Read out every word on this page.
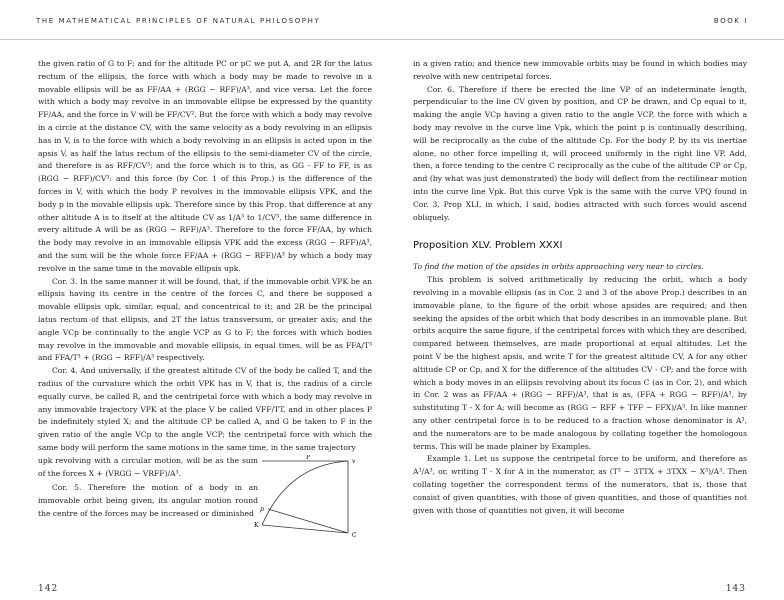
THE MATHEMATICAL PRINCIPLES OF NATURAL PHILOSOPHY	BOOK I

the given ratio of G to F; and for the altitude PC or pC we put A, and 2R for the latus rectum of the ellipsis, the force with which a body may be made to revolve in a movable ellipsis will be as FF/AA + (RGG − RFF)/A³, and vice versa. Let the force with which a body may revolve in an immovable ellipse be expressed by the quantity FF/AA, and the force in V will be FF/CV². But the force with which a body may revolve in a circle at the distance CV, with the same velocity as a body revolving in an ellipsis has in V, is to the force with which a body revolving in an ellipsis is acted upon in the apsis V, as half the latus rectum of the ellipsis to the semi-diameter CV of the circle, and therefore is as RFF/CV³; and the force which is to this, as GG - FF to FF, is as (RGG − RFF)/CV³: and this force (by Cor. 1 of this Prop.) is the difference of the forces in V, with which the body P revolves in the immovable ellipsis VPK, and the body p in the movable ellipsis upk. Therefore since by this Prop. that difference at any other altitude A is to itself at the altitude CV as 1/A³ to 1/CV³, the same difference in every altitude A will be as (RGG − RFF)/A³. Therefore to the force FF/AA, by which the body may revolve in an immovable ellipsis VPK add the excess (RGG − RFF)/A³, and the sum will be the whole force FF/AA + (RGG − RFF)/A³ by which a body may revolve in the same time in the movable ellipsis upk.

Cor. 3. In the same manner it will be found, that, if the immovable orbit VPK be an ellipsis having its centre in the centre of the forces C, and there be supposed a movable ellipsis upk, similar, equal, and concentrical to it; and 2R be the principal latus rectum of that ellipsis, and 2T the latus transversum, or greater axis; and the angle VCp be continually to the angle VCP as G to F; the forces with which bodies may revolve in the immovable and movable ellipsis, in equal times, will be as FFA/T³ and FFA/T³ + (RGG − RFF)/A³ respectively.

Cor. 4. And universally, if the greatest altitude CV of the body be called T, and the radius of the curvature which the orbit VPK has in V, that is, the radius of a circle equally curve, be called R, and the centripetal force with which a body may revolve in any immovable trajectory VPK at the place V be called VFF/TT, and in other places P be indefinitely styled X; and the altitude CP be called A, and G be taken to F in the given ratio of the angle VCp to the angle VCP; the centripetal force with which the same body will perform the same motions in the same time, in the same trajectory

upk revolving with a circular motion, will be as the sum of the forces X + (VRGG − VRFF)/A³.

Cor. 5. Therefore the motion of a body in an immovable orbit being given, its angular motion round the centre of the forces may be increased or diminished

P
v
K
C
p

in a given ratio; and thence new immovable orbits may be found in which bodies may revolve with new centripetal forces.

Cor. 6. Therefore if there be erected the line VP of an indeterminate length, perpendicular to the line CV given by position, and CP be drawn, and Cp equal to it, making the angle VCp having a given ratio to the angle VCP, the force with which a body may revolve in the curve line Vpk, which the point p is continually describing, will be reciprocally as the cube of the altitude Cp. For the body P, by its vis inertiae alone, no other force impelling it, will proceed uniformly in the right line VP. Add, then, a force tending to the centre C reciprocally as the cube of the altitude CP or Cp, and (by what was just demonstrated) the body will deflect from the rectilinear motion into the curve line Vpk. But this curve Vpk is the same with the curve VPQ found in Cor. 3, Prop XLI, in which, I said, bodies attracted with such forces would ascend obliquely.

Proposition XLV. Problem XXXI

To find the motion of the apsides in orbits approaching very near to circles.

This problem is solved arithmetically by reducing the orbit, which a body revolving in a movable ellipsis (as in Cor. 2 and 3 of the above Prop.) describes in an immovable plane, to the figure of the orbit whose apsides are required; and then seeking the apsides of the orbit which that body describes in an immovable plane. But orbits acquire the same figure, if the centripetal forces with which they are described, compared between themselves, are made proportional at equal altitudes. Let the point V be the highest apsis, and write T for the greatest altitude CV, A for any other altitude CP or Cp, and X for the difference of the altitudes CV - CP; and the force with which a body moves in an ellipsis revolving about its focus C (as in Cor. 2), and which in Cor. 2 was as FF/AA + (RGG − RFF)/A³, that is as, (FFA + RGG − RFF)/A³, by substituting T - X for A; will become as (RGG − RFF + TFF − FFX)/A³. In like manner any other centripetal force is to be reduced to a fraction whose denominator is A³, and the numerators are to be made analogous by collating together the homologous terms. This will be made plainer by Examples.

Example 1. Let us suppose the centripetal force to be uniform, and therefore as A³/A³, or, writing T - X for A in the numerator, as (T³ − 3TTX + 3TXX − X³)/A³. Then collating together the correspondent terms of the numerators, that is, those that consist of given quantities, with those of given quantities, and those of quantities not given with those of quantities not given, it will become

142	143
